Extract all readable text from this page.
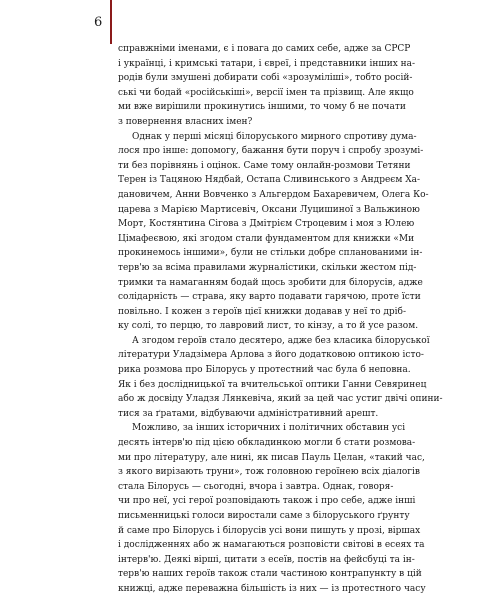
6
справжніми іменами, є і повага до самих себе, адже за СРСР
і українці, і кримські татари, і євреї, і представники інших на-
родів були змушені добирати собі «зрозуміліші», тобто росій-
ські чи бодай «російськіші», версії імен та прізвищ. Але якщо
ми вже вирішили прокинутись іншими, то чому б не почати
з повернення власних імен?
Однак у перші місяці білоруського мирного спротиву дума-
лося про інше: допомогу, бажання бути поруч і спробу зрозумі-
ти без порівнянь і оцінок. Саме тому онлайн-розмови Тетяни
Терен із Тацяною Нядбай, Остапа Сливинського з Андреєм Ха-
дановичем, Анни Вовченко з Альгердом Бахаревичем, Олега Ко-
царева з Марією Мартисевіч, Оксани Луцишиної з Вальжиною
Морт, Костянтина Сігова з Дмітрієм Строцевим і моя з Юлею
Цімафеєвою, які згодом стали фундаментом для книжки «Ми
прокинемось іншими», були не стільки добре спланованими ін-
терв'ю за всіма правилами журналістики, скільки жестом під-
тримки та намаганням бодай щось зробити для білорусів, адже
солідарність — страва, яку варто подавати гарячою, проте їсти
повільно. І кожен з героїв цієї книжки додавав у неї то дріб-
ку солі, то перцю, то лавровий лист, то кінзу, а то й усе разом.
А згодом героїв стало десятеро, адже без класика білоруської
літератури Уладзімера Арлова з його додатковою оптикою істо-
рика розмова про Білорусь у протестний час була б неповна.
Як і без дослідницької та вчительської оптики Ганни Севяринец
або ж досвіду Уладзя Лянкевіча, який за цей час устиг двічі опини-
тися за ґратами, відбуваючи адміністративний арешт.
Можливо, за інших історичних і політичних обставин усі
десять інтерв'ю під цією обкладинкою могли б стати розмова-
ми про літературу, але нині, як писав Пауль Целан, «такий час,
з якого вирізають труни», тож головною героїнею всіх діалогів
стала Білорусь — сьогодні, вчора і завтра. Однак, говоря-
чи про неї, усі герої розповідають також і про себе, адже інші
письменницькі голоси виростали саме з білоруського ґрунту
й саме про Білорусь і білорусів усі вони пишуть у прозі, віршах
і дослідженнях або ж намагаються розповісти світові в есеях та
інтерв'ю. Деякі вірші, цитати з есеїв, постів на фейсбуці та ін-
терв'ю наших героїв також стали частиною контрапункту в цій
книжці, адже переважна більшість із них — із протестного часу
